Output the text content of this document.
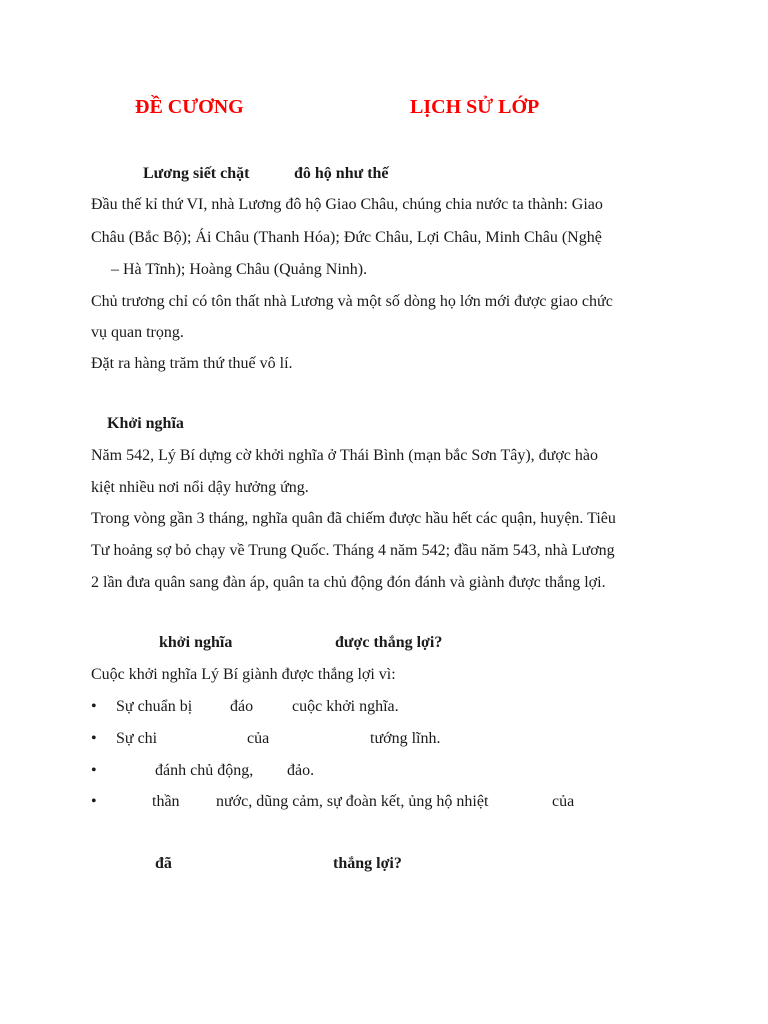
ĐỀ CƯƠNG	LỊCH SỬ LỚP
Lương siết chặt	đô hộ như thế
Đầu thế kỉ thứ VI, nhà Lương đô hộ Giao Châu, chúng chia nước ta thành: Giao
Châu (Bắc Bộ); Ái Châu (Thanh Hóa); Đức Châu, Lợi Châu, Minh Châu (Nghệ
– Hà Tĩnh); Hoàng Châu (Quảng Ninh).
Chủ trương chỉ có tôn thất nhà Lương và một số dòng họ lớn mới được giao chức
vụ quan trọng.
Đặt ra hàng trăm thứ thuế vô lí.
Khởi nghĩa
Năm 542, Lý Bí dựng cờ khởi nghĩa ở Thái Bình (mạn bắc Sơn Tây), được hào
kiệt nhiều nơi nổi dậy hưởng ứng.
Trong vòng gần 3 tháng, nghĩa quân đã chiếm được hầu hết các quận, huyện. Tiêu
Tư hoảng sợ bỏ chạy về Trung Quốc. Tháng 4 năm 542; đầu năm 543, nhà Lương
2 lần đưa quân sang đàn áp, quân ta chủ động đón đánh và giành được thắng lợi.
khởi nghĩa	được thắng lợi?
Cuộc khởi nghĩa Lý Bí giành được thắng lợi vì:
• Sự chuẩn bị đáo cuộc khởi nghĩa.
• Sự chi	của	tướng lĩnh.
•	đánh chủ động, đảo.
•	thần nước, dũng cảm, sự đoàn kết, ủng hộ nhiệt	của
đã	thắng lợi?
